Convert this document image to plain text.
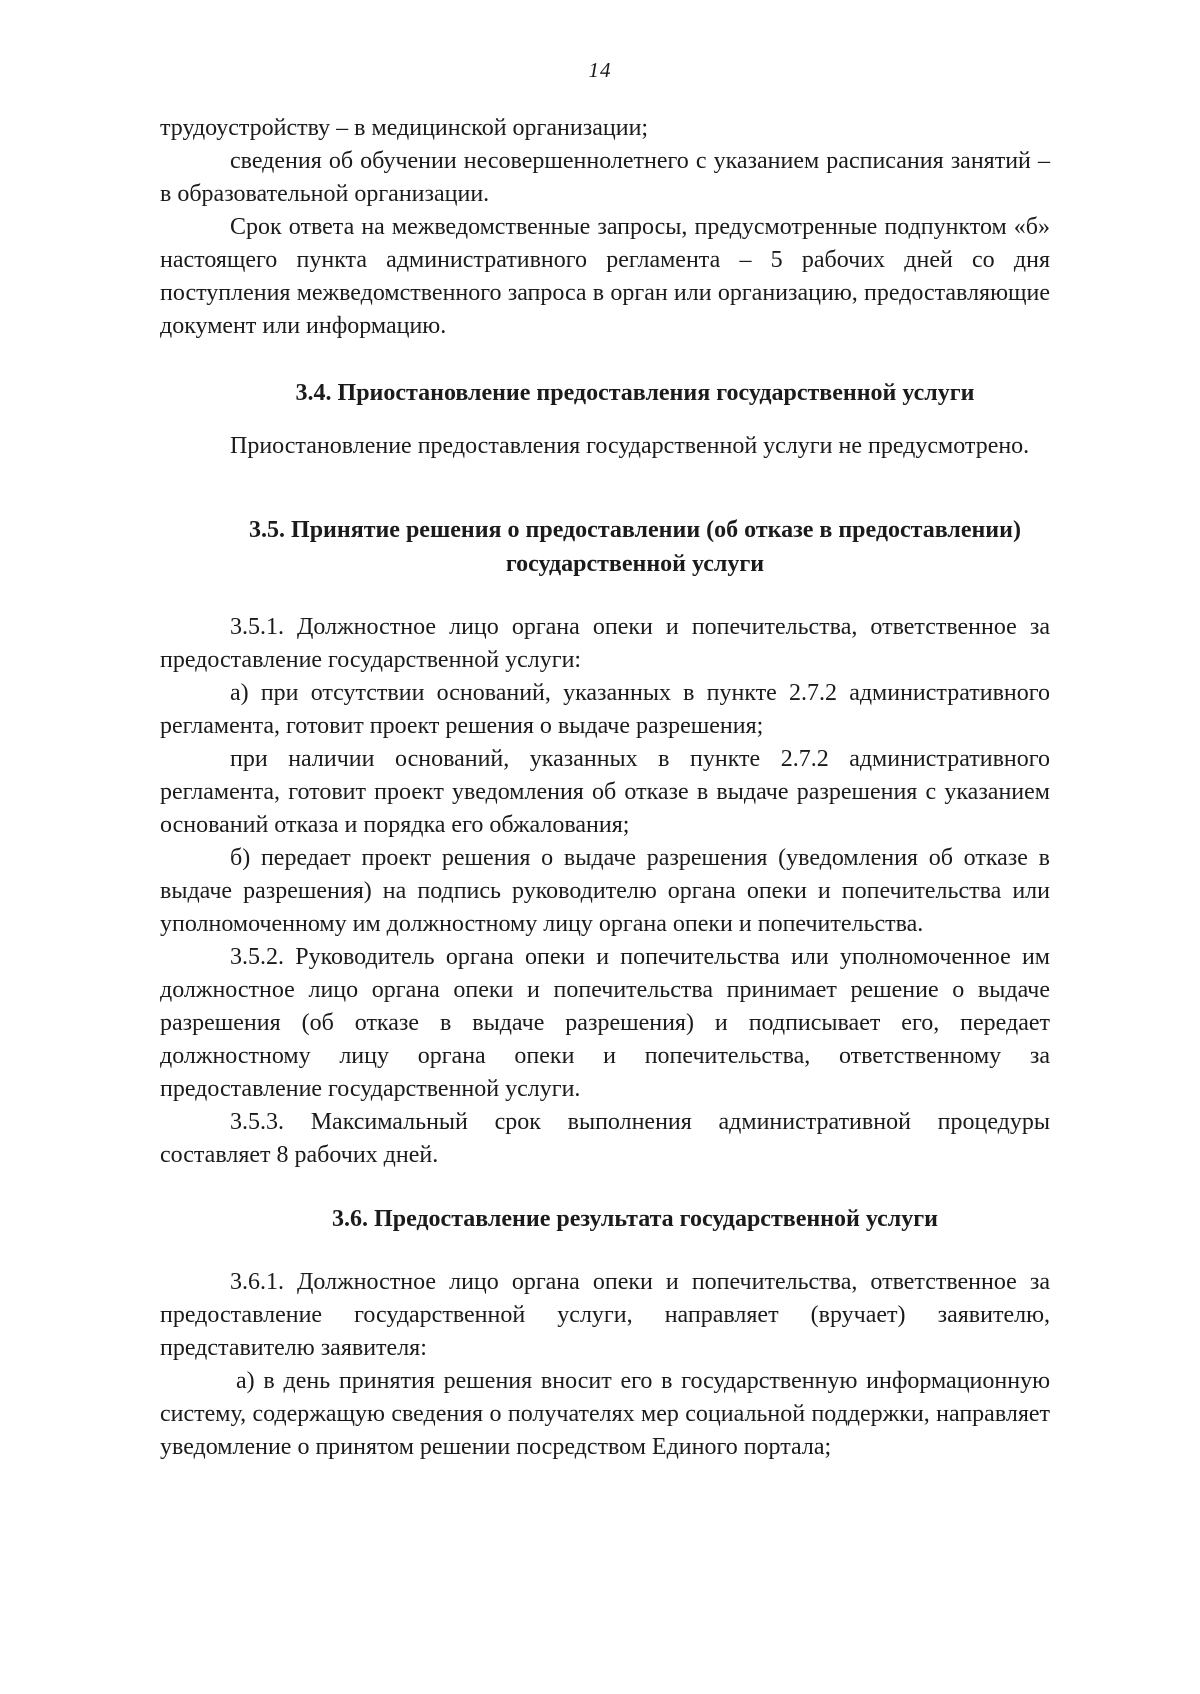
14

трудоустройству – в медицинской организации;

сведения об обучении несовершеннолетнего с указанием расписания занятий – в образовательной организации.

Срок ответа на межведомственные запросы, предусмотренные подпунктом «б» настоящего пункта административного регламента – 5 рабочих дней со дня поступления межведомственного запроса в орган или организацию, предоставляющие документ или информацию.

3.4. Приостановление предоставления государственной услуги

Приостановление предоставления государственной услуги не предусмотрено.

3.5. Принятие решения о предоставлении (об отказе в предоставлении) государственной услуги

3.5.1. Должностное лицо органа опеки и попечительства, ответственное за предоставление государственной услуги:

а) при отсутствии оснований, указанных в пункте 2.7.2 административного регламента, готовит проект решения о выдаче разрешения;

при наличии оснований, указанных в пункте 2.7.2 административного регламента, готовит проект уведомления об отказе в выдаче разрешения с указанием оснований отказа и порядка его обжалования;

б) передает проект решения о выдаче разрешения (уведомления об отказе в выдаче разрешения) на подпись руководителю органа опеки и попечительства или уполномоченному им должностному лицу органа опеки и попечительства.

3.5.2. Руководитель органа опеки и попечительства или уполномоченное им должностное лицо органа опеки и попечительства принимает решение о выдаче разрешения (об отказе в выдаче разрешения) и подписывает его, передает должностному лицу органа опеки и попечительства, ответственному за предоставление государственной услуги.

3.5.3. Максимальный срок выполнения административной процедуры составляет 8 рабочих дней.

3.6. Предоставление результата государственной услуги

3.6.1. Должностное лицо органа опеки и попечительства, ответственное за предоставление государственной услуги, направляет (вручает) заявителю, представителю заявителя:

а) в день принятия решения вносит его в государственную информационную систему, содержащую сведения о получателях мер социальной поддержки, направляет уведомление о принятом решении посредством Единого портала;
